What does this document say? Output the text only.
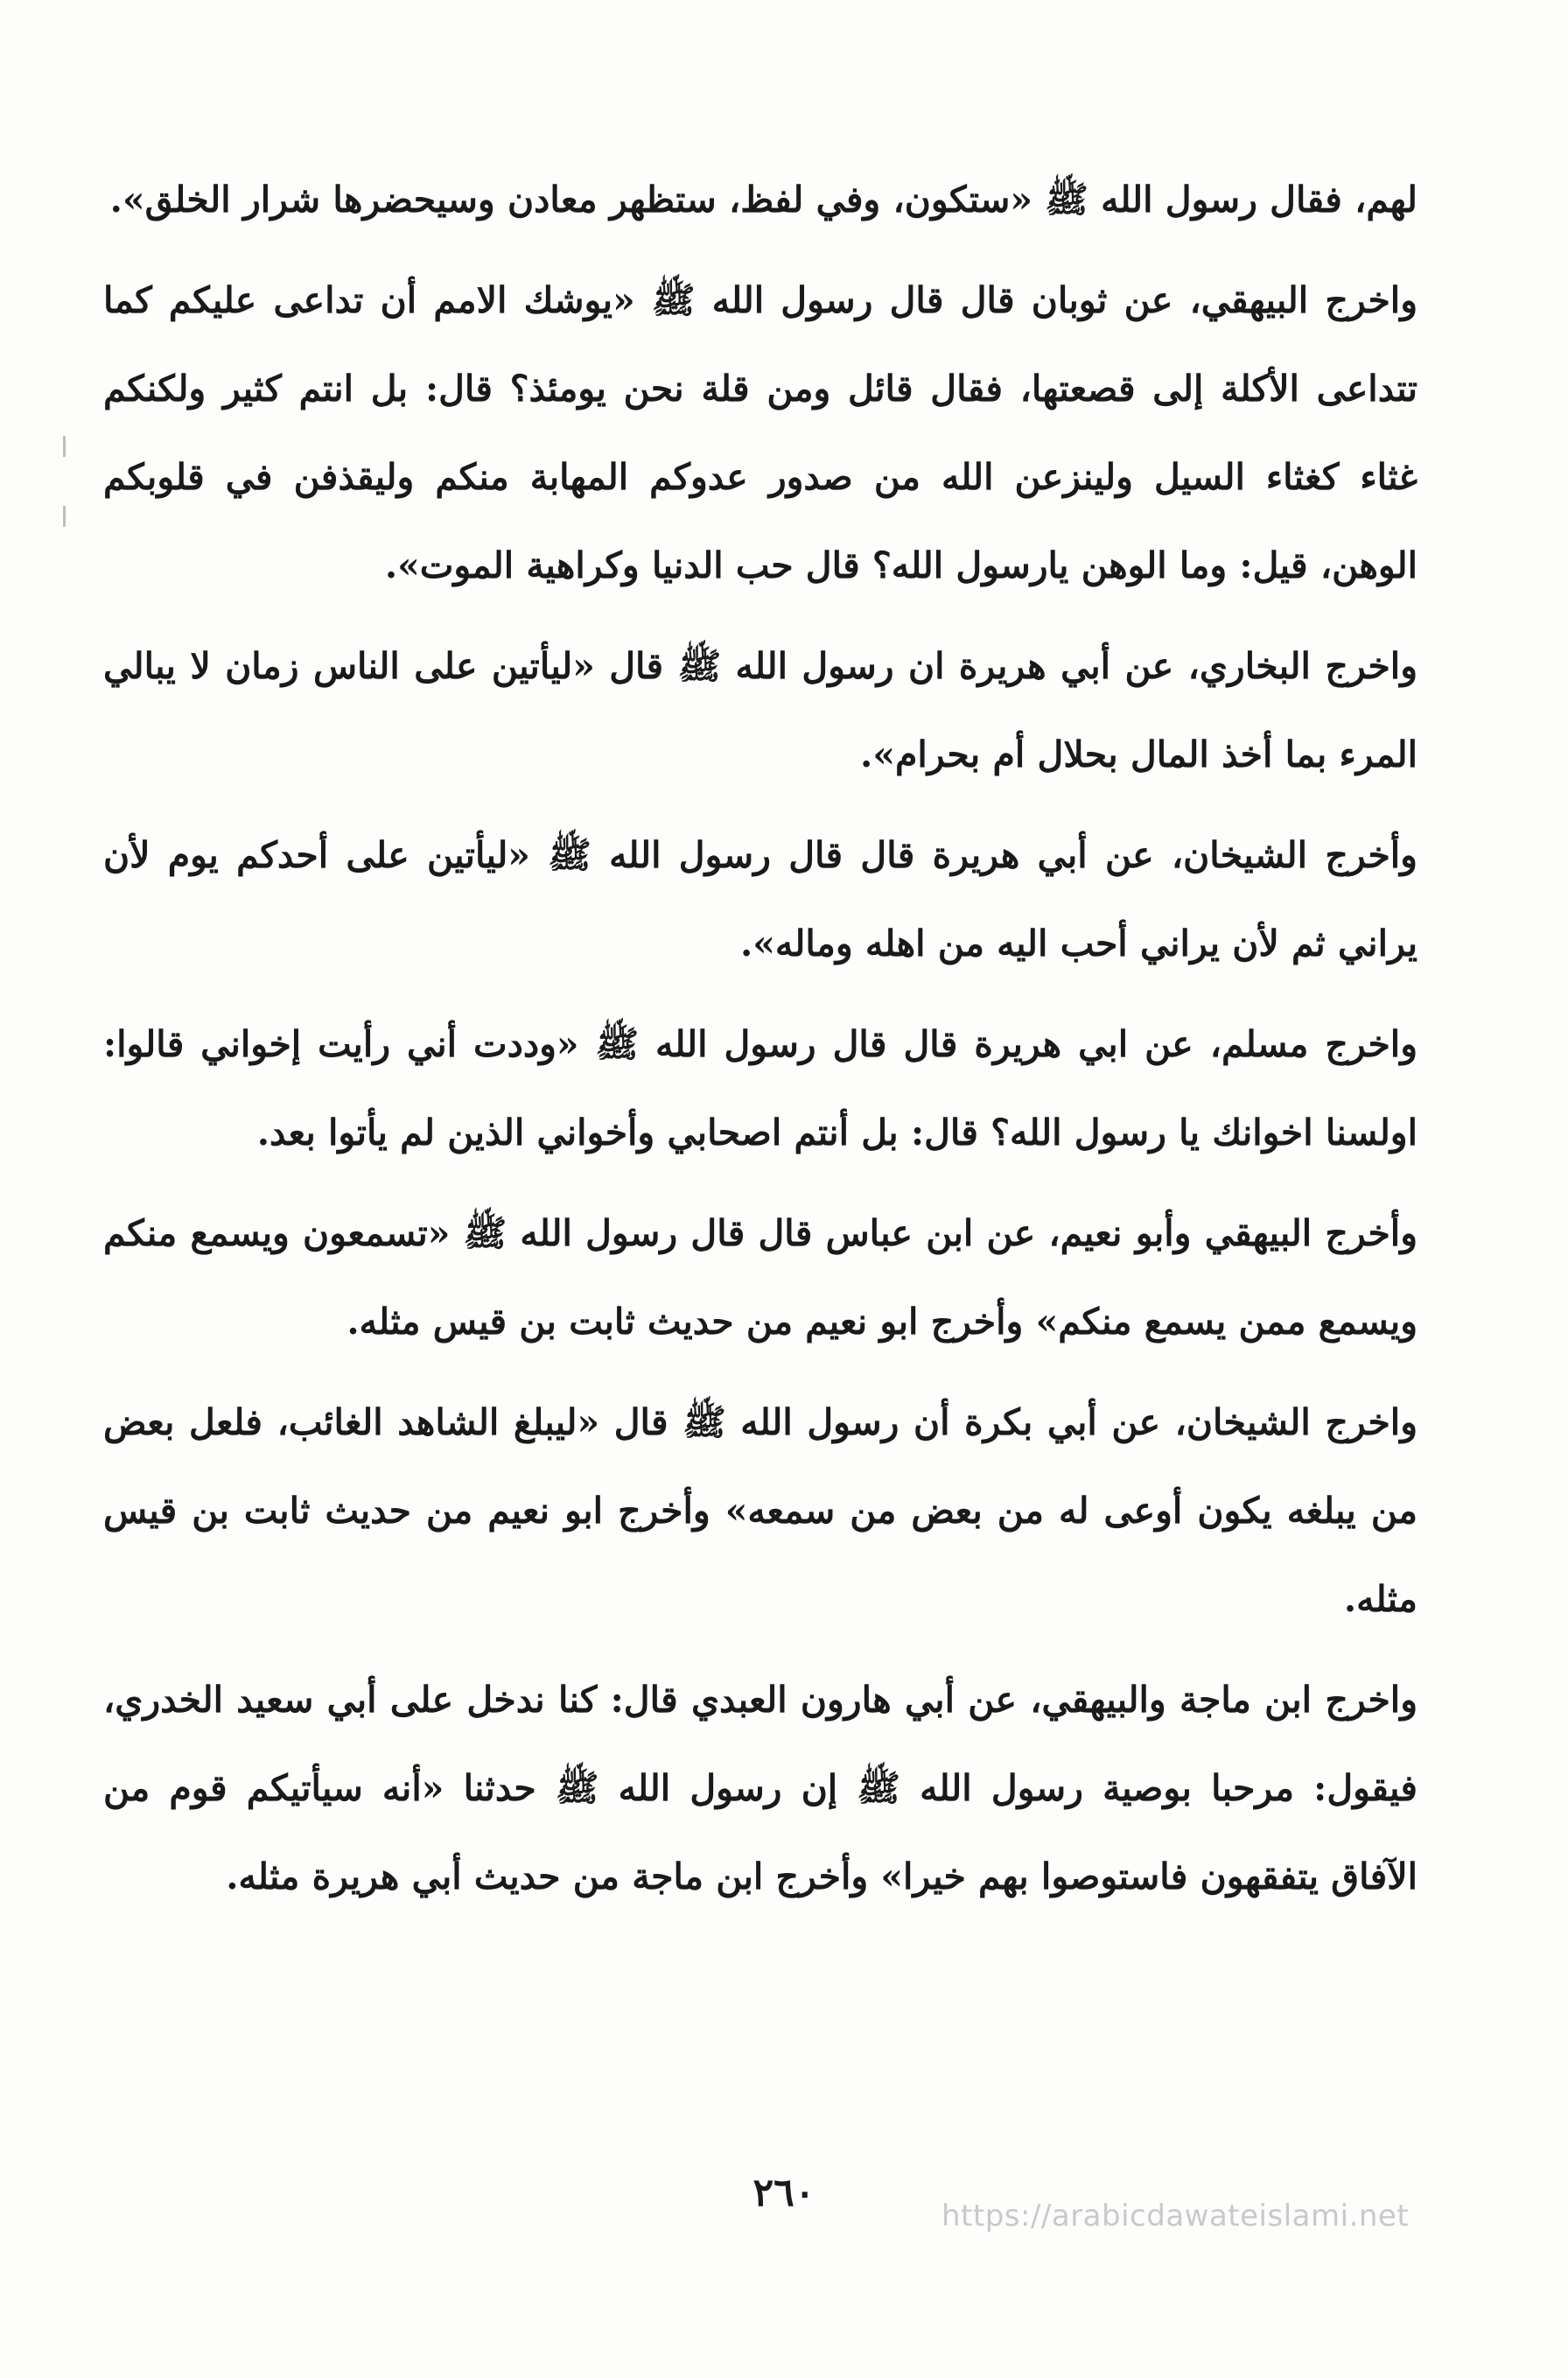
لهم، فقال رسول الله ﷺ «ستكون، وفي لفظ، ستظهر معادن وسيحضرها شرار الخلق».

واخرج البيهقي، عن ثوبان قال قال رسول الله ﷺ «يوشك الامم أن تداعى عليكم كما تتداعى الأكلة إلى قصعتها، فقال قائل ومن قلة نحن يومئذ؟ قال: بل انتم كثير ولكنكم غثاء كغثاء السيل ولينزعن الله من صدور عدوكم المهابة منكم وليقذفن في قلوبكم الوهن، قيل: وما الوهن يارسول الله؟ قال حب الدنيا وكراهية الموت».

واخرج البخاري، عن أبي هريرة ان رسول الله ﷺ قال «ليأتين على الناس زمان لا يبالي المرء بما أخذ المال بحلال أم بحرام».

وأخرج الشيخان، عن أبي هريرة قال قال رسول الله ﷺ «ليأتين على أحدكم يوم لأن يراني ثم لأن يراني أحب اليه من اهله وماله».

واخرج مسلم، عن ابي هريرة قال قال رسول الله ﷺ «وددت أني رأيت إخواني قالوا: اولسنا اخوانك يا رسول الله؟ قال: بل أنتم اصحابي وأخواني الذين لم يأتوا بعد.

وأخرج البيهقي وأبو نعيم، عن ابن عباس قال قال رسول الله ﷺ «تسمعون ويسمع منكم ويسمع ممن يسمع منكم» وأخرج ابو نعيم من حديث ثابت بن قيس مثله.

واخرج الشيخان، عن أبي بكرة أن رسول الله ﷺ قال «ليبلغ الشاهد الغائب، فلعل بعض من يبلغه يكون أوعى له من بعض من سمعه» وأخرج ابو نعيم من حديث ثابت بن قيس مثله.

واخرج ابن ماجة والبيهقي، عن أبي هارون العبدي قال: كنا ندخل على أبي سعيد الخدري، فيقول: مرحبا بوصية رسول الله ﷺ إن رسول الله ﷺ حدثنا «أنه سيأتيكم قوم من الآفاق يتفقهون فاستوصوا بهم خيرا» وأخرج ابن ماجة من حديث أبي هريرة مثله.

٢٦٠
https://arabicdawateislami.net
